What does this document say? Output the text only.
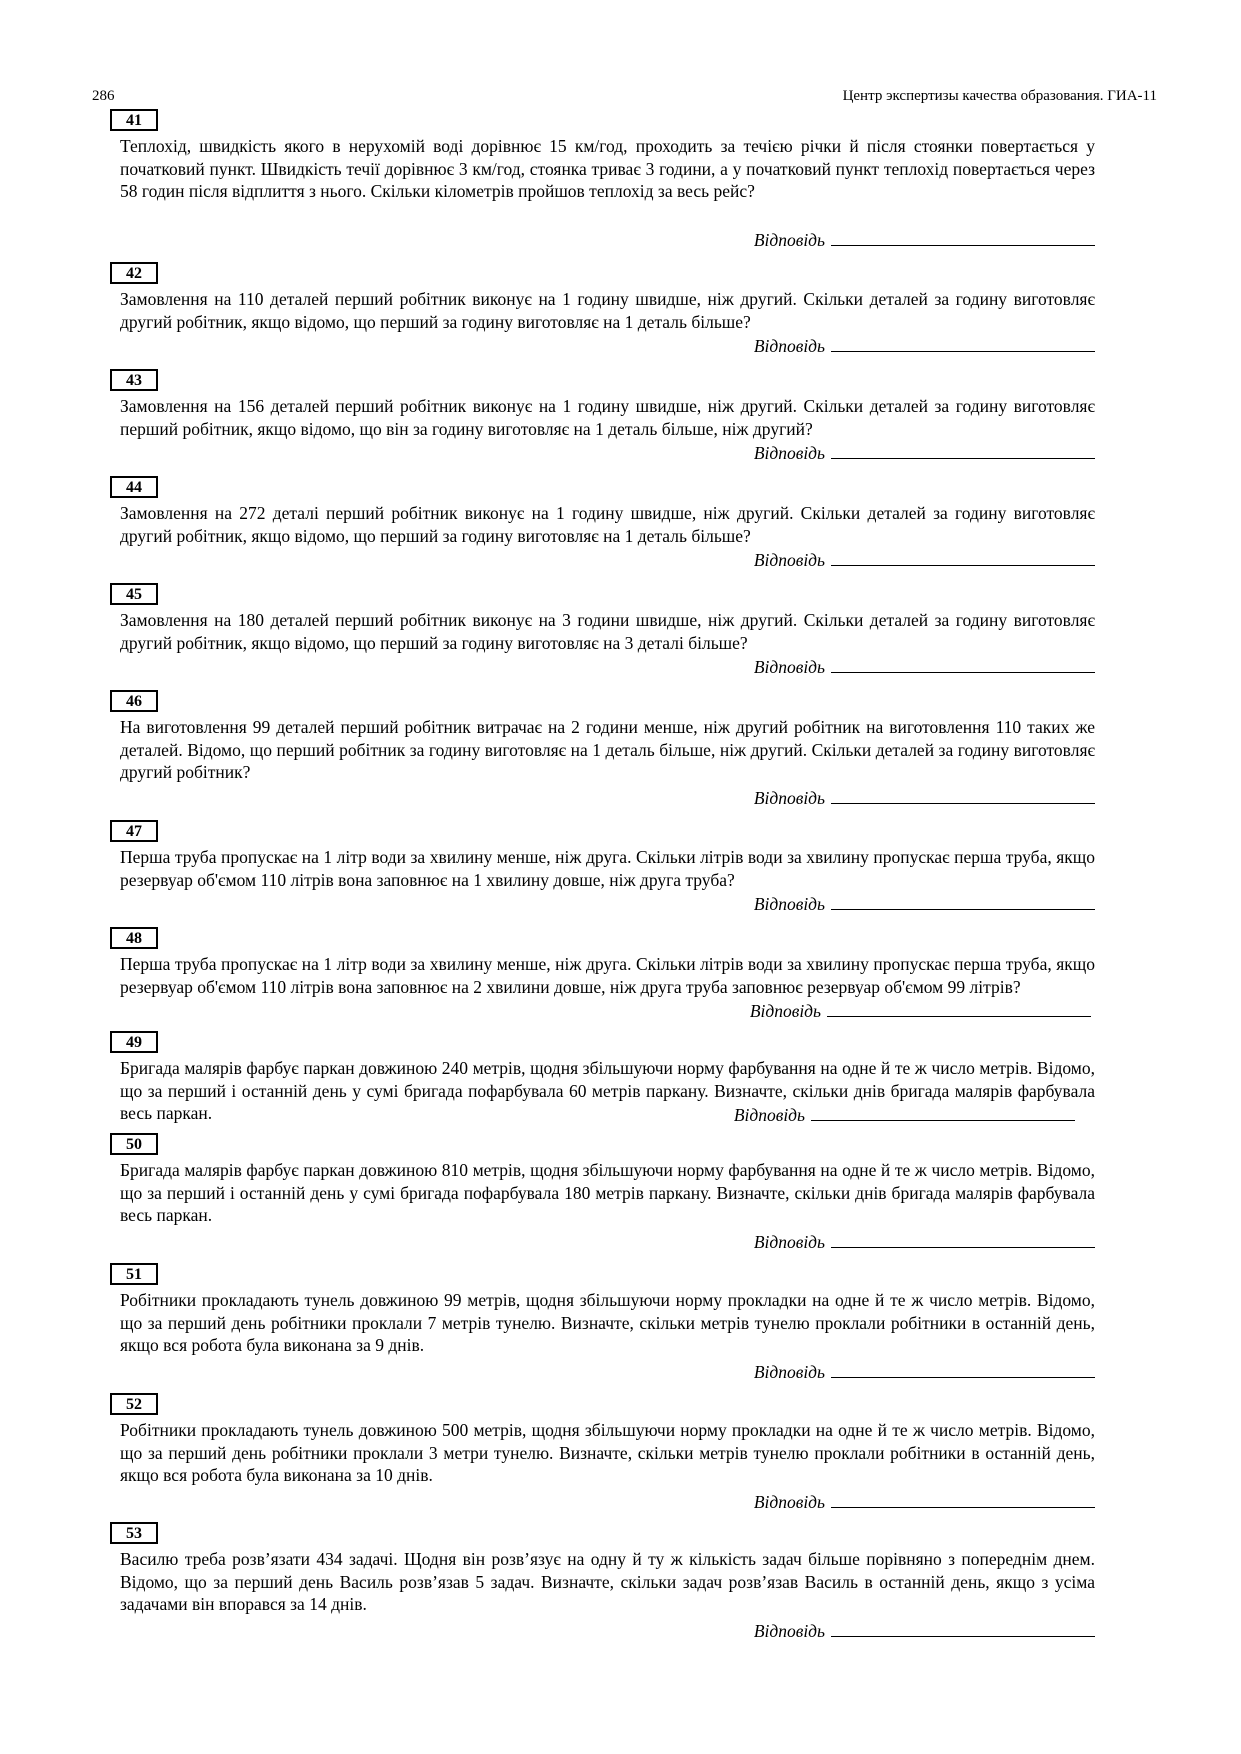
286	Центр экспертизы качества образования. ГИА-11
41
Теплохід, швидкість якого в нерухомій воді дорівнює 15 км/год, проходить за течією річки й після стоянки повертається у початковий пункт. Швидкість течії дорівнює 3 км/год, стоянка триває 3 години, а у початковий пункт теплохід повертається через 58 годин після відплиття з нього. Скільки кілометрів пройшов теплохід за весь рейс?
Відповідь
42
Замовлення на 110 деталей перший робітник виконує на 1 годину швидше, ніж другий. Скільки деталей за годину виготовляє другий робітник, якщо відомо, що перший за годину виготовляє на 1 деталь більше?
Відповідь
43
Замовлення на 156 деталей перший робітник виконує на 1 годину швидше, ніж другий. Скільки деталей за годину виготовляє перший робітник, якщо відомо, що він за годину виготовляє на 1 деталь більше, ніж другий?
Відповідь
44
Замовлення на 272 деталі перший робітник виконує на 1 годину швидше, ніж другий. Скільки деталей за годину виготовляє другий робітник, якщо відомо, що перший за годину виготовляє на 1 деталь більше?
Відповідь
45
Замовлення на 180 деталей перший робітник виконує на 3 години швидше, ніж другий. Скільки деталей за годину виготовляє другий робітник, якщо відомо, що перший за годину виготовляє на 3 деталі більше?
Відповідь
46
На виготовлення 99 деталей перший робітник витрачає на 2 години менше, ніж другий робітник на виготовлення 110 таких же деталей. Відомо, що перший робітник за годину виготовляє на 1 деталь більше, ніж другий. Скільки деталей за годину виготовляє другий робітник?
Відповідь
47
Перша труба пропускає на 1 літр води за хвилину менше, ніж друга. Скільки літрів води за хвилину пропускає перша труба, якщо резервуар об'ємом 110 літрів вона заповнює на 1 хвилину довше, ніж друга труба?
Відповідь
48
Перша труба пропускає на 1 літр води за хвилину менше, ніж друга. Скільки літрів води за хвилину пропускає перша труба, якщо резервуар об'ємом 110 літрів вона заповнює на 2 хвилини довше, ніж друга труба заповнює резервуар об'ємом 99 літрів?
Відповідь
49
Бригада малярів фарбує паркан довжиною 240 метрів, щодня збільшуючи норму фарбування на одне й те ж число метрів. Відомо, що за перший і останній день у сумі бригада пофарбувала 60 метрів паркану. Визначте, скільки днів бригада малярів фарбувала весь паркан.	Відповідь
50
Бригада малярів фарбує паркан довжиною 810 метрів, щодня збільшуючи норму фарбування на одне й те ж число метрів. Відомо, що за перший і останній день у сумі бригада пофарбувала 180 метрів паркану. Визначте, скільки днів бригада малярів фарбувала весь паркан.
Відповідь
51
Робітники прокладають тунель довжиною 99 метрів, щодня збільшуючи норму прокладки на одне й те ж число метрів. Відомо, що за перший день робітники проклали 7 метрів тунелю. Визначте, скільки метрів тунелю проклали робітники в останній день, якщо вся робота була виконана за 9 днів.
Відповідь
52
Робітники прокладають тунель довжиною 500 метрів, щодня збільшуючи норму прокладки на одне й те ж число метрів. Відомо, що за перший день робітники проклали 3 метри тунелю. Визначте, скільки метрів тунелю проклали робітники в останній день, якщо вся робота була виконана за 10 днів.
Відповідь
53
Василю треба розв’язати 434 задачі. Щодня він розв’язує на одну й ту ж кількість задач більше порівняно з попереднім днем. Відомо, що за перший день Василь розв’язав 5 задач. Визначте, скільки задач розв’язав Василь в останній день, якщо з усіма задачами він впорався за 14 днів.
Відповідь
